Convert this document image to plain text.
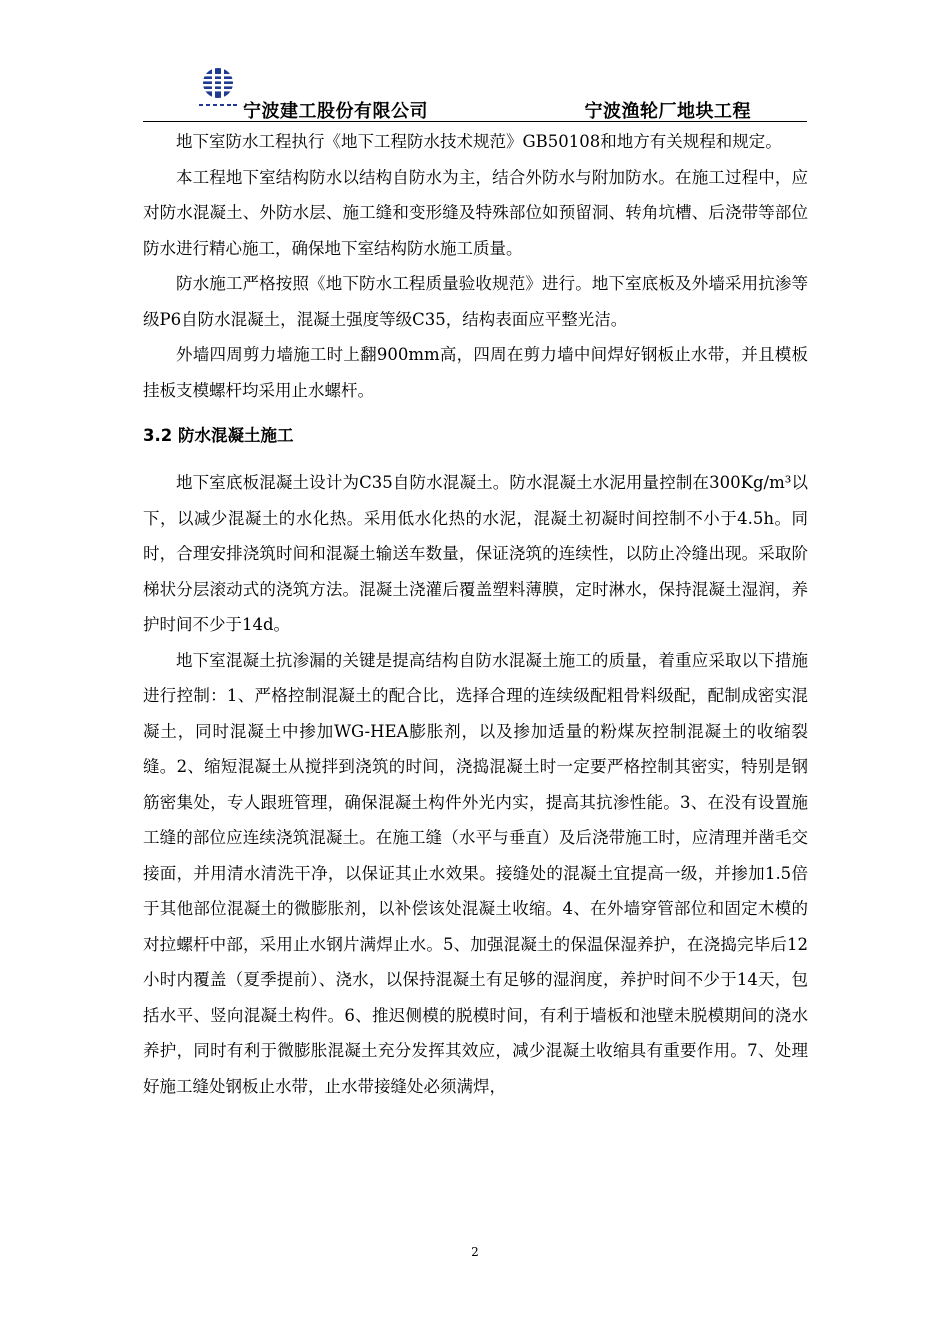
宁波建工股份有限公司	宁波渔轮厂地块工程

地下室防水工程执行《地下工程防水技术规范》GB50108和地方有关规程和规定。

本工程地下室结构防水以结构自防水为主，结合外防水与附加防水。在施工过程中，应对防水混凝土、外防水层、施工缝和变形缝及特殊部位如预留洞、转角坑槽、后浇带等部位防水进行精心施工，确保地下室结构防水施工质量。

防水施工严格按照《地下防水工程质量验收规范》进行。地下室底板及外墙采用抗渗等级P6自防水混凝土，混凝土强度等级C35，结构表面应平整光洁。

外墙四周剪力墙施工时上翻900mm高，四周在剪力墙中间焊好钢板止水带，并且模板挂板支模螺杆均采用止水螺杆。

3.2 防水混凝土施工

地下室底板混凝土设计为C35自防水混凝土。防水混凝土水泥用量控制在300Kg/m³以下，以减少混凝土的水化热。采用低水化热的水泥，混凝土初凝时间控制不小于4.5h。同时，合理安排浇筑时间和混凝土输送车数量，保证浇筑的连续性，以防止冷缝出现。采取阶梯状分层滚动式的浇筑方法。混凝土浇灌后覆盖塑料薄膜，定时淋水，保持混凝土湿润，养护时间不少于14d。

地下室混凝土抗渗漏的关键是提高结构自防水混凝土施工的质量，着重应采取以下措施进行控制：1、严格控制混凝土的配合比，选择合理的连续级配粗骨料级配，配制成密实混凝土，同时混凝土中掺加WG-HEA膨胀剂，以及掺加适量的粉煤灰控制混凝土的收缩裂缝。2、缩短混凝土从搅拌到浇筑的时间，浇捣混凝土时一定要严格控制其密实，特别是钢筋密集处，专人跟班管理，确保混凝土构件外光内实，提高其抗渗性能。3、在没有设置施工缝的部位应连续浇筑混凝土。在施工缝（水平与垂直）及后浇带施工时，应清理并凿毛交接面，并用清水清洗干净，以保证其止水效果。接缝处的混凝土宜提高一级，并掺加1.5倍于其他部位混凝土的微膨胀剂，以补偿该处混凝土收缩。4、在外墙穿管部位和固定木模的对拉螺杆中部，采用止水钢片满焊止水。5、加强混凝土的保温保湿养护，在浇捣完毕后12小时内覆盖（夏季提前）、浇水，以保持混凝土有足够的湿润度，养护时间不少于14天，包括水平、竖向混凝土构件。6、推迟侧模的脱模时间，有利于墙板和池壁未脱模期间的浇水养护，同时有利于微膨胀混凝土充分发挥其效应，减少混凝土收缩具有重要作用。7、处理好施工缝处钢板止水带，止水带接缝处必须满焊，

2
